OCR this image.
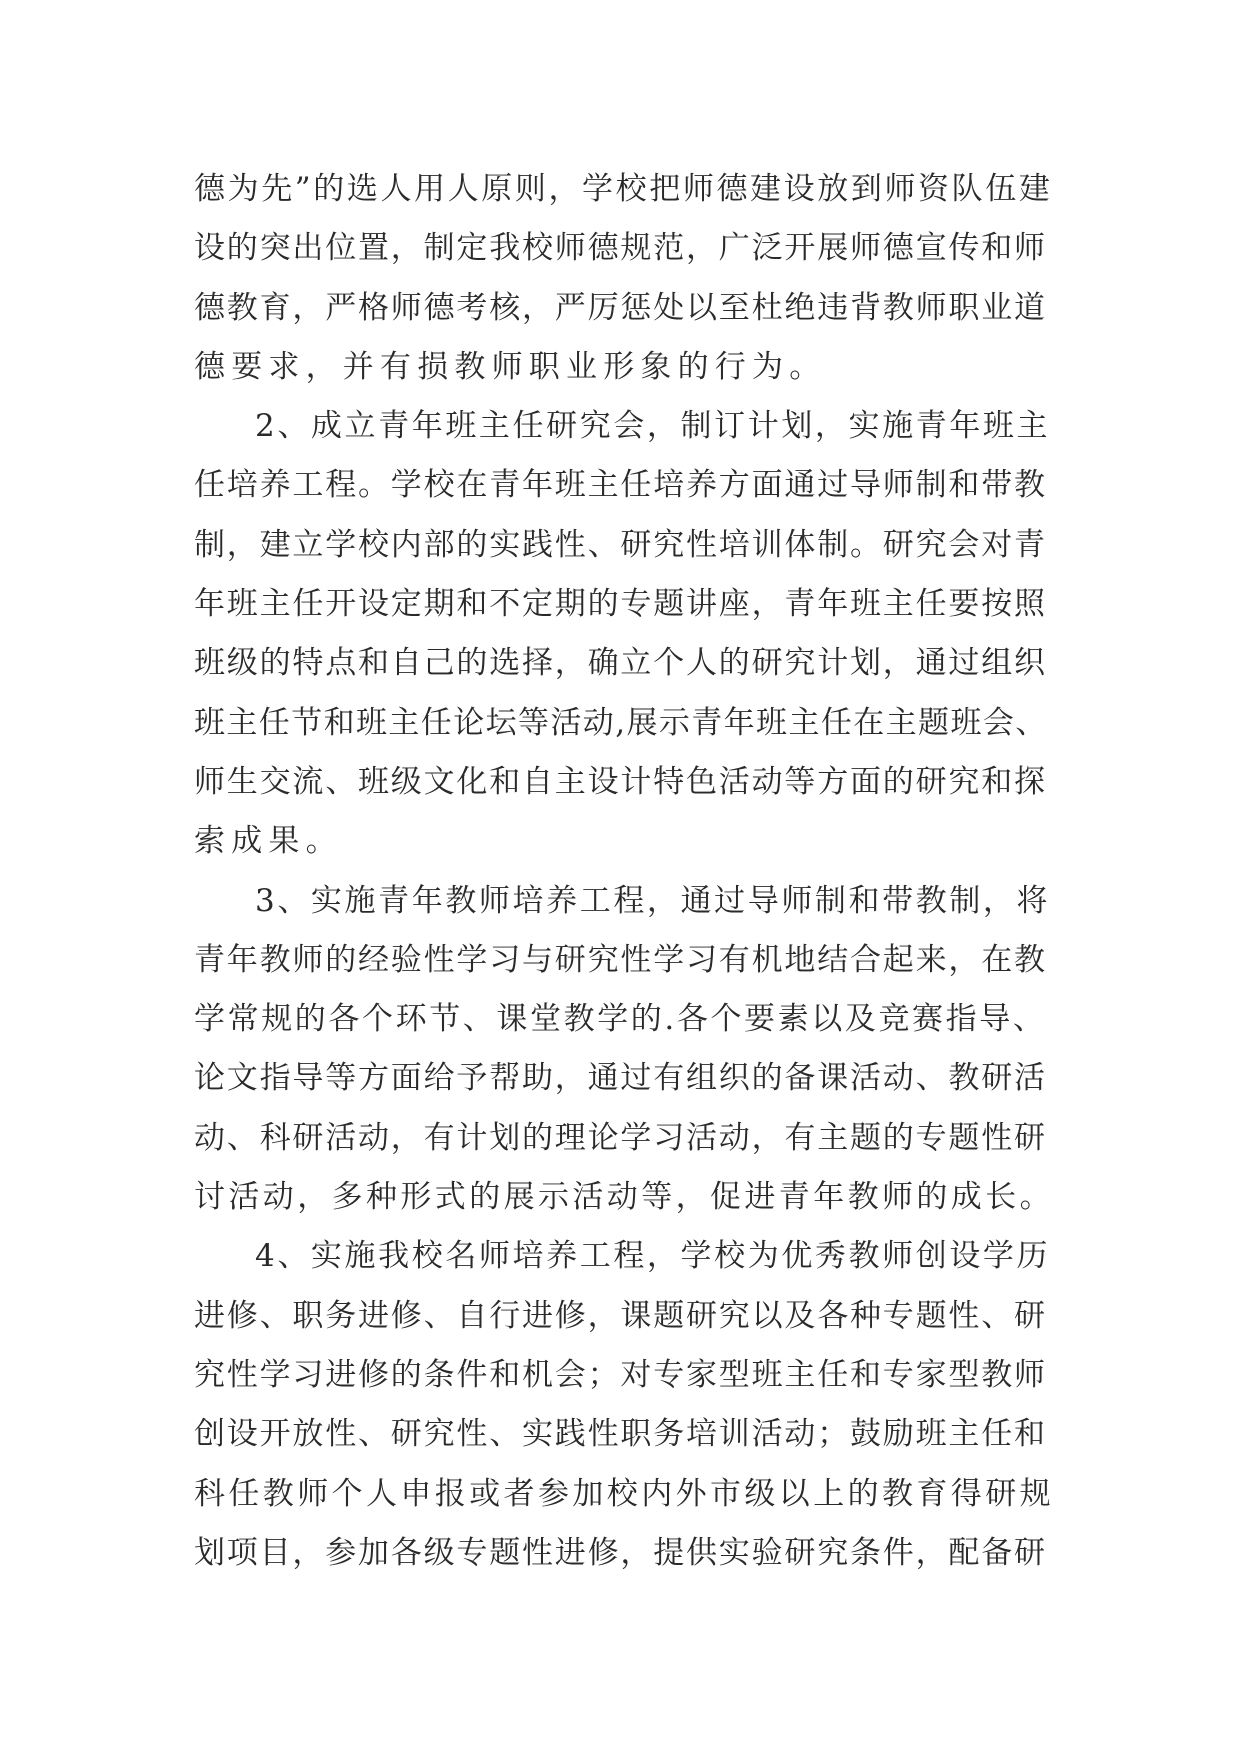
德为先”的选人用人原则，学校把师德建设放到师资队伍建
设的突出位置，制定我校师德规范，广泛开展师德宣传和师
德教育，严格师德考核，严厉惩处以至杜绝违背教师职业道
德要求，并有损教师职业形象的行为。
2、成立青年班主任研究会，制订计划，实施青年班主
任培养工程。学校在青年班主任培养方面通过导师制和带教
制，建立学校内部的实践性、研究性培训体制。研究会对青
年班主任开设定期和不定期的专题讲座，青年班主任要按照
班级的特点和自己的选择，确立个人的研究计划，通过组织
班主任节和班主任论坛等活动,展示青年班主任在主题班会、
师生交流、班级文化和自主设计特色活动等方面的研究和探
索成果。
3、实施青年教师培养工程，通过导师制和带教制，将
青年教师的经验性学习与研究性学习有机地结合起来，在教
学常规的各个环节、课堂教学的.各个要素以及竞赛指导、
论文指导等方面给予帮助，通过有组织的备课活动、教研活
动、科研活动，有计划的理论学习活动，有主题的专题性研
讨活动，多种形式的展示活动等，促进青年教师的成长。
4、实施我校名师培养工程，学校为优秀教师创设学历
进修、职务进修、自行进修，课题研究以及各种专题性、研
究性学习进修的条件和机会；对专家型班主任和专家型教师
创设开放性、研究性、实践性职务培训活动；鼓励班主任和
科任教师个人申报或者参加校内外市级以上的教育得研规
划项目，参加各级专题性进修，提供实验研究条件，配备研
